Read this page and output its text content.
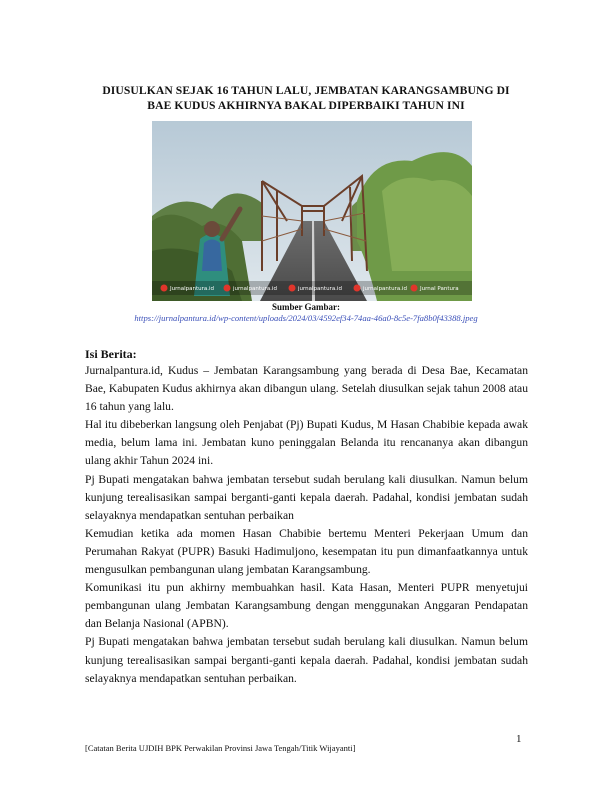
DIUSULKAN SEJAK 16 TAHUN LALU, JEMBATAN KARANGSAMBUNG DI
BAE KUDUS AKHIRNYA BAKAL DIPERBAIKI TAHUN INI
Jurnalpantura.id	jurnalpantura.id	jurnalpantura.id	jurnalpantura.id Jurnal Pantura
Sumber Gambar:
https://jurnalpantura.id/wp-content/uploads/2024/03/4592ef34-74aa-46a0-8c5e-7fa8b0f43388.jpeg
Isi Berita:

Jurnalpantura.id, Kudus – Jembatan Karangsambung yang berada di Desa Bae, Kecamatan Bae, Kabupaten Kudus akhirnya akan dibangun ulang. Setelah diusulkan sejak tahun 2008 atau 16 tahun yang lalu.

Hal itu dibeberkan langsung oleh Penjabat (Pj) Bupati Kudus, M Hasan Chabibie kepada awak media, belum lama ini. Jembatan kuno peninggalan Belanda itu rencananya akan dibangun ulang akhir Tahun 2024 ini.

Pj Bupati mengatakan bahwa jembatan tersebut sudah berulang kali diusulkan. Namun belum kunjung terealisasikan sampai berganti-ganti kepala daerah. Padahal, kondisi jembatan sudah selayaknya mendapatkan sentuhan perbaikan

Kemudian ketika ada momen Hasan Chabibie bertemu Menteri Pekerjaan Umum dan Perumahan Rakyat (PUPR) Basuki Hadimuljono, kesempatan itu pun dimanfaatkannya untuk mengusulkan pembangunan ulang jembatan Karangsambung.

Komunikasi itu pun akhirny membuahkan hasil. Kata Hasan, Menteri PUPR menyetujui pembangunan ulang Jembatan Karangsambung dengan menggunakan Anggaran Pendapatan dan Belanja Nasional (APBN).

Pj Bupati mengatakan bahwa jembatan tersebut sudah berulang kali diusulkan. Namun belum kunjung terealisasikan sampai berganti-ganti kepala daerah. Padahal, kondisi jembatan sudah selayaknya mendapatkan sentuhan perbaikan.

1
[Catatan Berita UJDIH BPK Perwakilan Provinsi Jawa Tengah/Titik Wijayanti]
